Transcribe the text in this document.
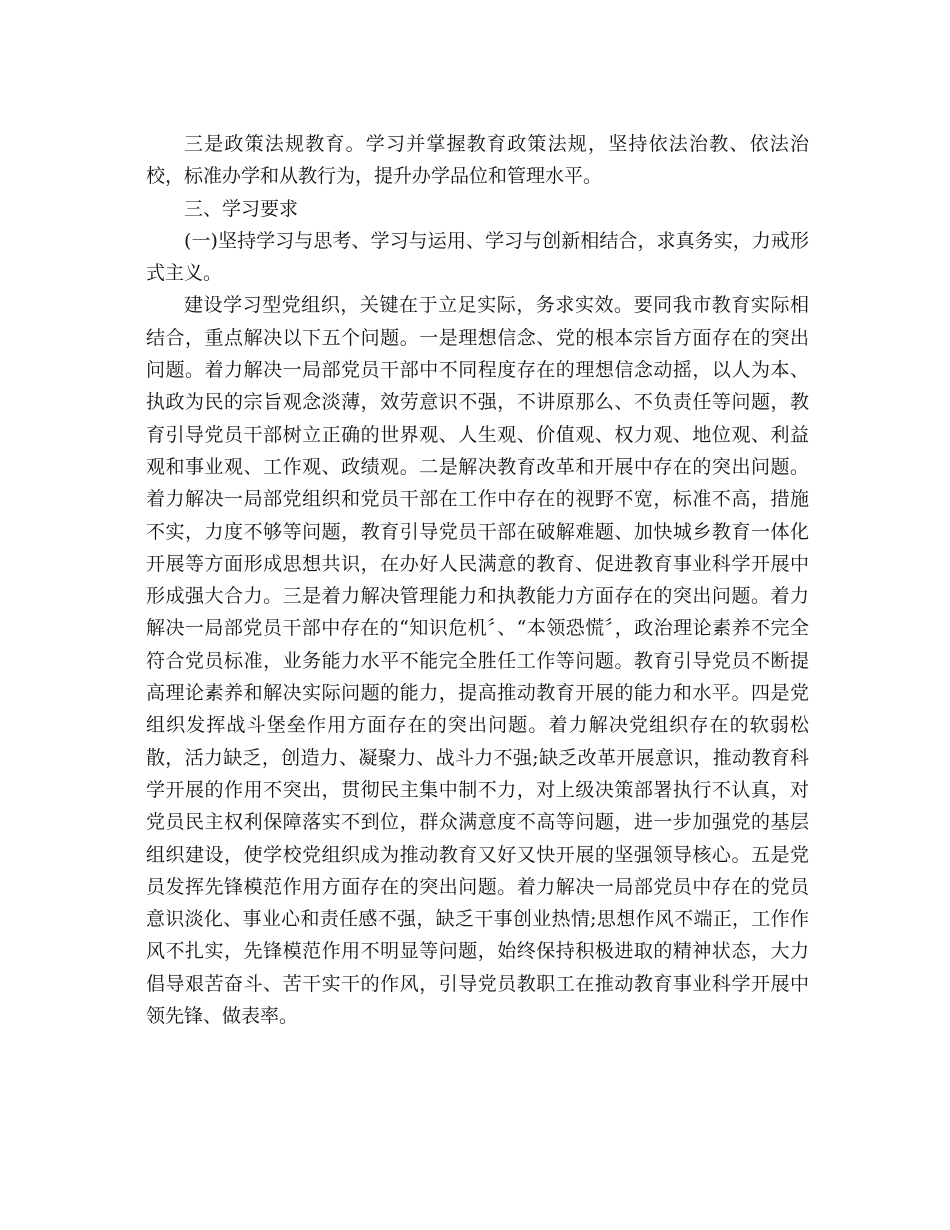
三是政策法规教育。学习并掌握教育政策法规，坚持依法治教、依法治校，标准办学和从教行为，提升办学品位和管理水平。

三、学习要求

(一)坚持学习与思考、学习与运用、学习与创新相结合，求真务实，力戒形式主义。

建设学习型党组织，关键在于立足实际，务求实效。要同我市教育实际相结合，重点解决以下五个问题。一是理想信念、党的根本宗旨方面存在的突出问题。着力解决一局部党员干部中不同程度存在的理想信念动摇，以人为本、执政为民的宗旨观念淡薄，效劳意识不强，不讲原那么、不负责任等问题，教育引导党员干部树立正确的世界观、人生观、价值观、权力观、地位观、利益观和事业观、工作观、政绩观。二是解决教育改革和开展中存在的突出问题。着力解决一局部党组织和党员干部在工作中存在的视野不宽，标准不高，措施不实，力度不够等问题，教育引导党员干部在破解难题、加快城乡教育一体化开展等方面形成思想共识，在办好人民满意的教育、促进教育事业科学开展中形成强大合力。三是着力解决管理能力和执教能力方面存在的突出问题。着力解决一局部党员干部中存在的“知识危机〞、“本领恐慌〞，政治理论素养不完全符合党员标准，业务能力水平不能完全胜任工作等问题。教育引导党员不断提高理论素养和解决实际问题的能力，提高推动教育开展的能力和水平。四是党组织发挥战斗堡垒作用方面存在的突出问题。着力解决党组织存在的软弱松散，活力缺乏，创造力、凝聚力、战斗力不强;缺乏改革开展意识，推动教育科学开展的作用不突出，贯彻民主集中制不力，对上级决策部署执行不认真，对党员民主权利保障落实不到位，群众满意度不高等问题，进一步加强党的基层组织建设，使学校党组织成为推动教育又好又快开展的坚强领导核心。五是党员发挥先锋模范作用方面存在的突出问题。着力解决一局部党员中存在的党员意识淡化、事业心和责任感不强，缺乏干事创业热情;思想作风不端正，工作作风不扎实，先锋模范作用不明显等问题，始终保持积极进取的精神状态，大力倡导艰苦奋斗、苦干实干的作风，引导党员教职工在推动教育事业科学开展中领先锋、做表率。
